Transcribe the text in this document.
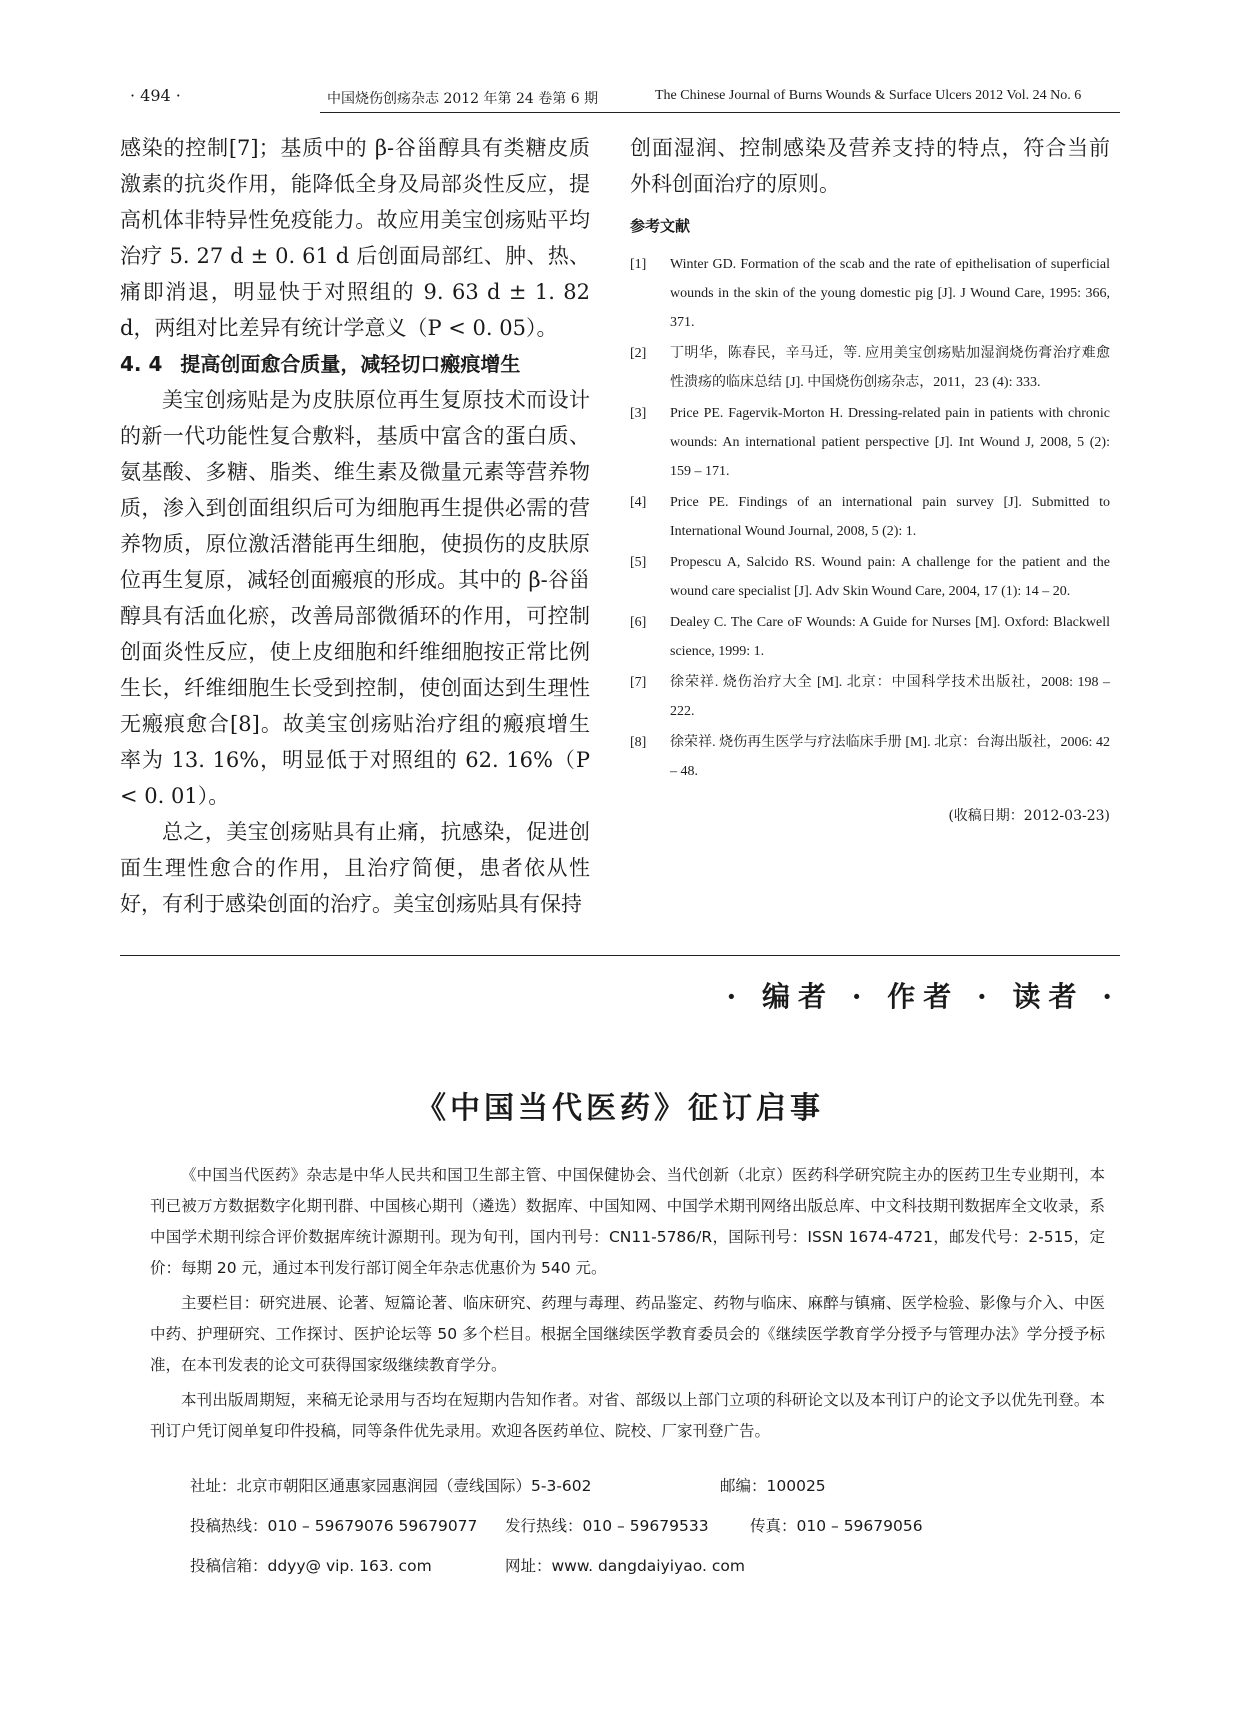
· 494 ·	中国烧伤创疡杂志 2012 年第 24 卷第 6 期	The Chinese Journal of Burns Wounds & Surface Ulcers 2012 Vol. 24 No. 6

感染的控制[7]；基质中的 β-谷甾醇具有类糖皮质激素的抗炎作用，能降低全身及局部炎性反应，提高机体非特异性免疫能力。故应用美宝创疡贴平均治疗 5. 27 d ± 0. 61 d 后创面局部红、肿、热、痛即消退，明显快于对照组的 9. 63 d ± 1. 82 d，两组对比差异有统计学意义（P < 0. 05）。

4. 4 提高创面愈合质量，减轻切口瘢痕增生

美宝创疡贴是为皮肤原位再生复原技术而设计的新一代功能性复合敷料，基质中富含的蛋白质、氨基酸、多糖、脂类、维生素及微量元素等营养物质，渗入到创面组织后可为细胞再生提供必需的营养物质，原位激活潜能再生细胞，使损伤的皮肤原位再生复原，减轻创面瘢痕的形成。其中的 β-谷甾醇具有活血化瘀，改善局部微循环的作用，可控制创面炎性反应，使上皮细胞和纤维细胞按正常比例生长，纤维细胞生长受到控制，使创面达到生理性无瘢痕愈合[8]。故美宝创疡贴治疗组的瘢痕增生率为 13. 16%，明显低于对照组的 62. 16%（P < 0. 01）。

总之，美宝创疡贴具有止痛，抗感染，促进创面生理性愈合的作用，且治疗简便，患者依从性好，有利于感染创面的治疗。美宝创疡贴具有保持

创面湿润、控制感染及营养支持的特点，符合当前外科创面治疗的原则。

参考文献
[1] Winter GD. Formation of the scab and the rate of epithelisation of superficial wounds in the skin of the young domestic pig [J]. J Wound Care, 1995: 366, 371.
[2] 丁明华，陈春民，辛马迁，等. 应用美宝创疡贴加湿润烧伤膏治疗难愈性溃疡的临床总结 [J]. 中国烧伤创疡杂志，2011，23 (4): 333.
[3] Price PE. Fagervik-Morton H. Dressing-related pain in patients with chronic wounds: An international patient perspective [J]. Int Wound J, 2008, 5 (2): 159 – 171.
[4] Price PE. Findings of an international pain survey [J]. Submitted to International Wound Journal, 2008, 5 (2): 1.
[5] Propescu A, Salcido RS. Wound pain: A challenge for the patient and the wound care specialist [J]. Adv Skin Wound Care, 2004, 17 (1): 14 – 20.
[6] Dealey C. The Care oF Wounds: A Guide for Nurses [M]. Oxford: Blackwell science, 1999: 1.
[7] 徐荣祥. 烧伤治疗大全 [M]. 北京：中国科学技术出版社，2008: 198 – 222.
[8] 徐荣祥. 烧伤再生医学与疗法临床手册 [M]. 北京：台海出版社，2006: 42 – 48.
(收稿日期：2012-03-23)
· 编者 · 作者 · 读者 ·
《中国当代医药》征订启事

《中国当代医药》杂志是中华人民共和国卫生部主管、中国保健协会、当代创新（北京）医药科学研究院主办的医药卫生专业期刊，本刊已被万方数据数字化期刊群、中国核心期刊（遴选）数据库、中国知网、中国学术期刊网络出版总库、中文科技期刊数据库全文收录，系中国学术期刊综合评价数据库统计源期刊。现为旬刊，国内刊号：CN11-5786/R，国际刊号：ISSN 1674-4721，邮发代号：2-515，定价：每期 20 元，通过本刊发行部订阅全年杂志优惠价为 540 元。

主要栏目：研究进展、论著、短篇论著、临床研究、药理与毒理、药品鉴定、药物与临床、麻醉与镇痛、医学检验、影像与介入、中医中药、护理研究、工作探讨、医护论坛等 50 多个栏目。根据全国继续医学教育委员会的《继续医学教育学分授予与管理办法》学分授予标准，在本刊发表的论文可获得国家级继续教育学分。

本刊出版周期短，来稿无论录用与否均在短期内告知作者。对省、部级以上部门立项的科研论文以及本刊订户的论文予以优先刊登。本刊订户凭订阅单复印件投稿，同等条件优先录用。欢迎各医药单位、院校、厂家刊登广告。

社址：北京市朝阳区通惠家园惠润园（壹线国际）5-3-602	邮编：100025
投稿热线：010 – 59679076 59679077 发行热线：010 – 59679533	传真：010 – 59679056
投稿信箱：ddyy@ vip. 163. com	网址：www. dangdaiyiyao. com
